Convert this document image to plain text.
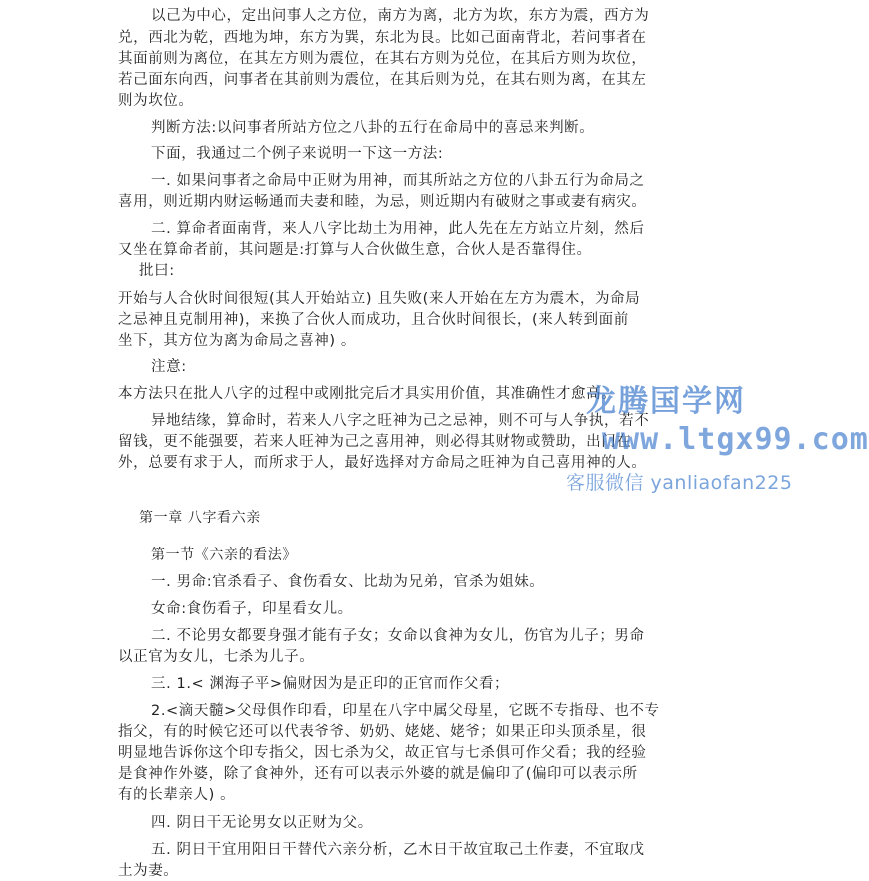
以己为中心，定出问事人之方位，南方为离，北方为坎，东方为震，西方为
兑，西北为乾，西地为坤，东方为巽，东北为艮。比如己面南背北，若问事者在
其面前则为离位，在其左方则为震位，在其右方则为兑位，在其后方则为坎位，
若己面东向西，问事者在其前则为震位，在其后则为兑，在其右则为离，在其左
则为坎位。
判断方法:以问事者所站方位之八卦的五行在命局中的喜忌来判断。
下面，我通过二个例子来说明一下这一方法:
一. 如果问事者之命局中正财为用神，而其所站之方位的八卦五行为命局之
喜用，则近期内财运畅通而夫妻和睦，为忌，则近期内有破财之事或妻有病灾。
二. 算命者面南背，来人八字比劫土为用神，此人先在左方站立片刻，然后
又坐在算命者前，其问题是:打算与人合伙做生意，合伙人是否靠得住。
批曰:
开始与人合伙时间很短(其人开始站立) 且失败(来人开始在左方为震木，为命局
之忌神且克制用神)，来换了合伙人而成功，且合伙时间很长，(来人转到面前
坐下，其方位为离为命局之喜神) 。
注意:
本方法只在批人八字的过程中或刚批完后才具实用价值，其准确性才愈高。
异地结缘，算命时，若来人八字之旺神为己之忌神，则不可与人争执，若不
留钱，更不能强要，若来人旺神为己之喜用神，则必得其财物或赞助，出门在
外，总要有求于人，而所求于人，最好选择对方命局之旺神为自己喜用神的人。
第一章 八字看六亲
第一节《六亲的看法》
一. 男命:官杀看子、食伤看女、比劫为兄弟，官杀为姐妹。
女命:食伤看子，印星看女儿。
二. 不论男女都要身强才能有子女；女命以食神为女儿，伤官为儿子；男命
以正官为女儿，七杀为儿子。
三. 1.< 渊海子平>偏财因为是正印的正官而作父看；
2.<滴天髓>父母俱作印看，印星在八字中属父母星，它既不专指母、也不专
指父，有的时候它还可以代表爷爷、奶奶、姥姥、姥爷；如果正印头顶杀星，很
明显地告诉你这个印专指父，因七杀为父，故正官与七杀俱可作父看；我的经验
是食神作外婆，除了食神外，还有可以表示外婆的就是偏印了(偏印可以表示所
有的长辈亲人) 。
四. 阴日干无论男女以正财为父。
五. 阴日干宜用阳日干替代六亲分析，乙木日干故宜取己土作妻，不宜取戊
土为妻。
龙腾国学网
www.ltgx99.com
客服微信 yanliaofan225
